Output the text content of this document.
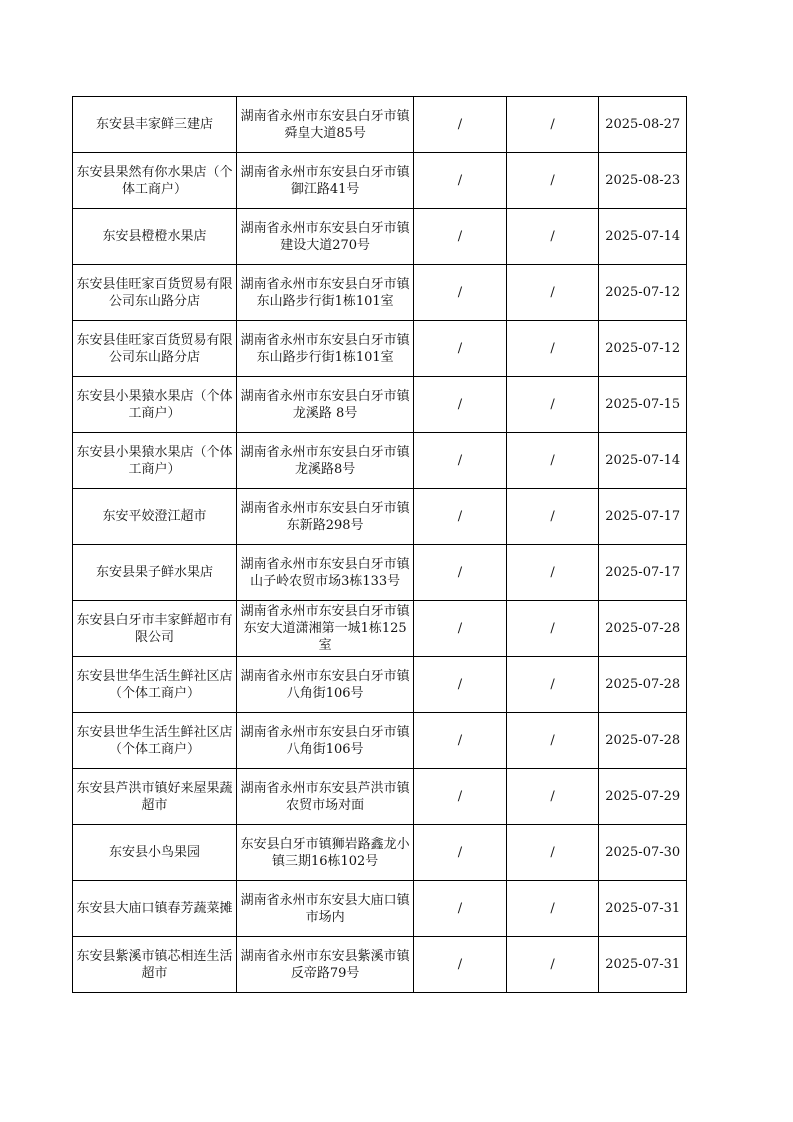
东安县丰家鲜三建店	湖南省永州市东安县白牙市镇舜皇大道85号	/	/	2025-08-27
东安县果然有你水果店（个体工商户）	湖南省永州市东安县白牙市镇御江路41号	/	/	2025-08-23
东安县橙橙水果店	湖南省永州市东安县白牙市镇建设大道270号	/	/	2025-07-14
东安县佳旺家百货贸易有限公司东山路分店	湖南省永州市东安县白牙市镇东山路步行街1栋101室	/	/	2025-07-12
东安县佳旺家百货贸易有限公司东山路分店	湖南省永州市东安县白牙市镇东山路步行街1栋101室	/	/	2025-07-12
东安县小果猿水果店（个体工商户）	湖南省永州市东安县白牙市镇龙溪路 8号	/	/	2025-07-15
东安县小果猿水果店（个体工商户）	湖南省永州市东安县白牙市镇龙溪路8号	/	/	2025-07-14
东安平姣澄江超市	湖南省永州市东安县白牙市镇东新路298号	/	/	2025-07-17
东安县果子鲜水果店	湖南省永州市东安县白牙市镇山子岭农贸市场3栋133号	/	/	2025-07-17
东安县白牙市丰家鲜超市有限公司	湖南省永州市东安县白牙市镇东安大道潇湘第一城1栋125室	/	/	2025-07-28
东安县世华生活生鲜社区店（个体工商户）	湖南省永州市东安县白牙市镇八角街106号	/	/	2025-07-28
东安县世华生活生鲜社区店（个体工商户）	湖南省永州市东安县白牙市镇八角街106号	/	/	2025-07-28
东安县芦洪市镇好来屋果蔬超市	湖南省永州市东安县芦洪市镇农贸市场对面	/	/	2025-07-29
东安县小鸟果园	东安县白牙市镇狮岩路鑫龙小镇三期16栋102号	/	/	2025-07-30
东安县大庙口镇春芳蔬菜摊	湖南省永州市东安县大庙口镇市场内	/	/	2025-07-31
东安县紫溪市镇芯相连生活超市	湖南省永州市东安县紫溪市镇反帝路79号	/	/	2025-07-31
